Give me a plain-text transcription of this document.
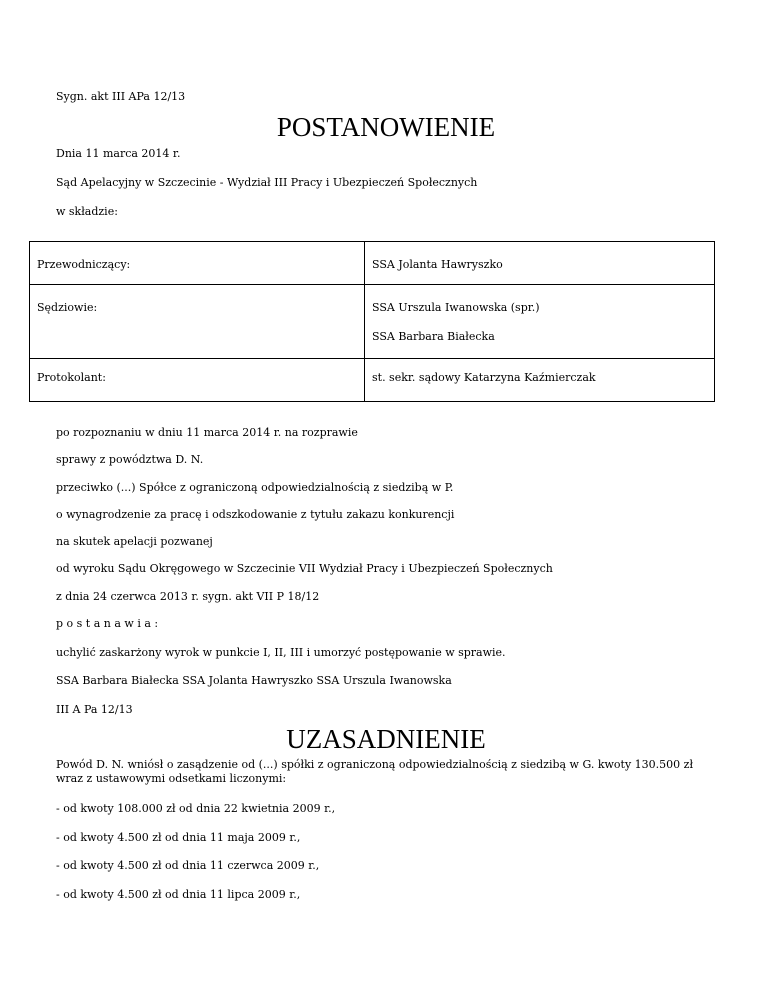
Sygn. akt III APa 12/13
POSTANOWIENIE
Dnia 11 marca 2014 r.
Sąd Apelacyjny w Szczecinie - Wydział III Pracy i Ubezpieczeń Społecznych
w składzie:
Przewodniczący:	SSA Jolanta Hawryszko

Sędziowie:	SSA Urszula Iwanowska (spr.)
SSA Barbara Białecka

Protokolant:	st. sekr. sądowy Katarzyna Kaźmierczak
po rozpoznaniu w dniu 11 marca 2014 r. na rozprawie
sprawy z powództwa D. N.
przeciwko (...) Spółce z ograniczoną odpowiedzialnością z siedzibą w P.
o wynagrodzenie za pracę i odszkodowanie z tytułu zakazu konkurencji
na skutek apelacji pozwanej
od wyroku Sądu Okręgowego w Szczecinie VII Wydział Pracy i Ubezpieczeń Społecznych
z dnia 24 czerwca 2013 r. sygn. akt VII P 18/12
p o s t a n a w i a :
uchylić zaskarżony wyrok w punkcie I, II, III i umorzyć postępowanie w sprawie.
SSA Barbara Białecka SSA Jolanta Hawryszko SSA Urszula Iwanowska
III A Pa 12/13
UZASADNIENIE
Powód D. N. wniósł o zasądzenie od (...) spółki z ograniczoną odpowiedzialnością z siedzibą w G. kwoty 130.500 zł wraz z ustawowymi odsetkami liczonymi:
- od kwoty 108.000 zł od dnia 22 kwietnia 2009 r.,
- od kwoty 4.500 zł od dnia 11 maja 2009 r.,
- od kwoty 4.500 zł od dnia 11 czerwca 2009 r.,
- od kwoty 4.500 zł od dnia 11 lipca 2009 r.,
